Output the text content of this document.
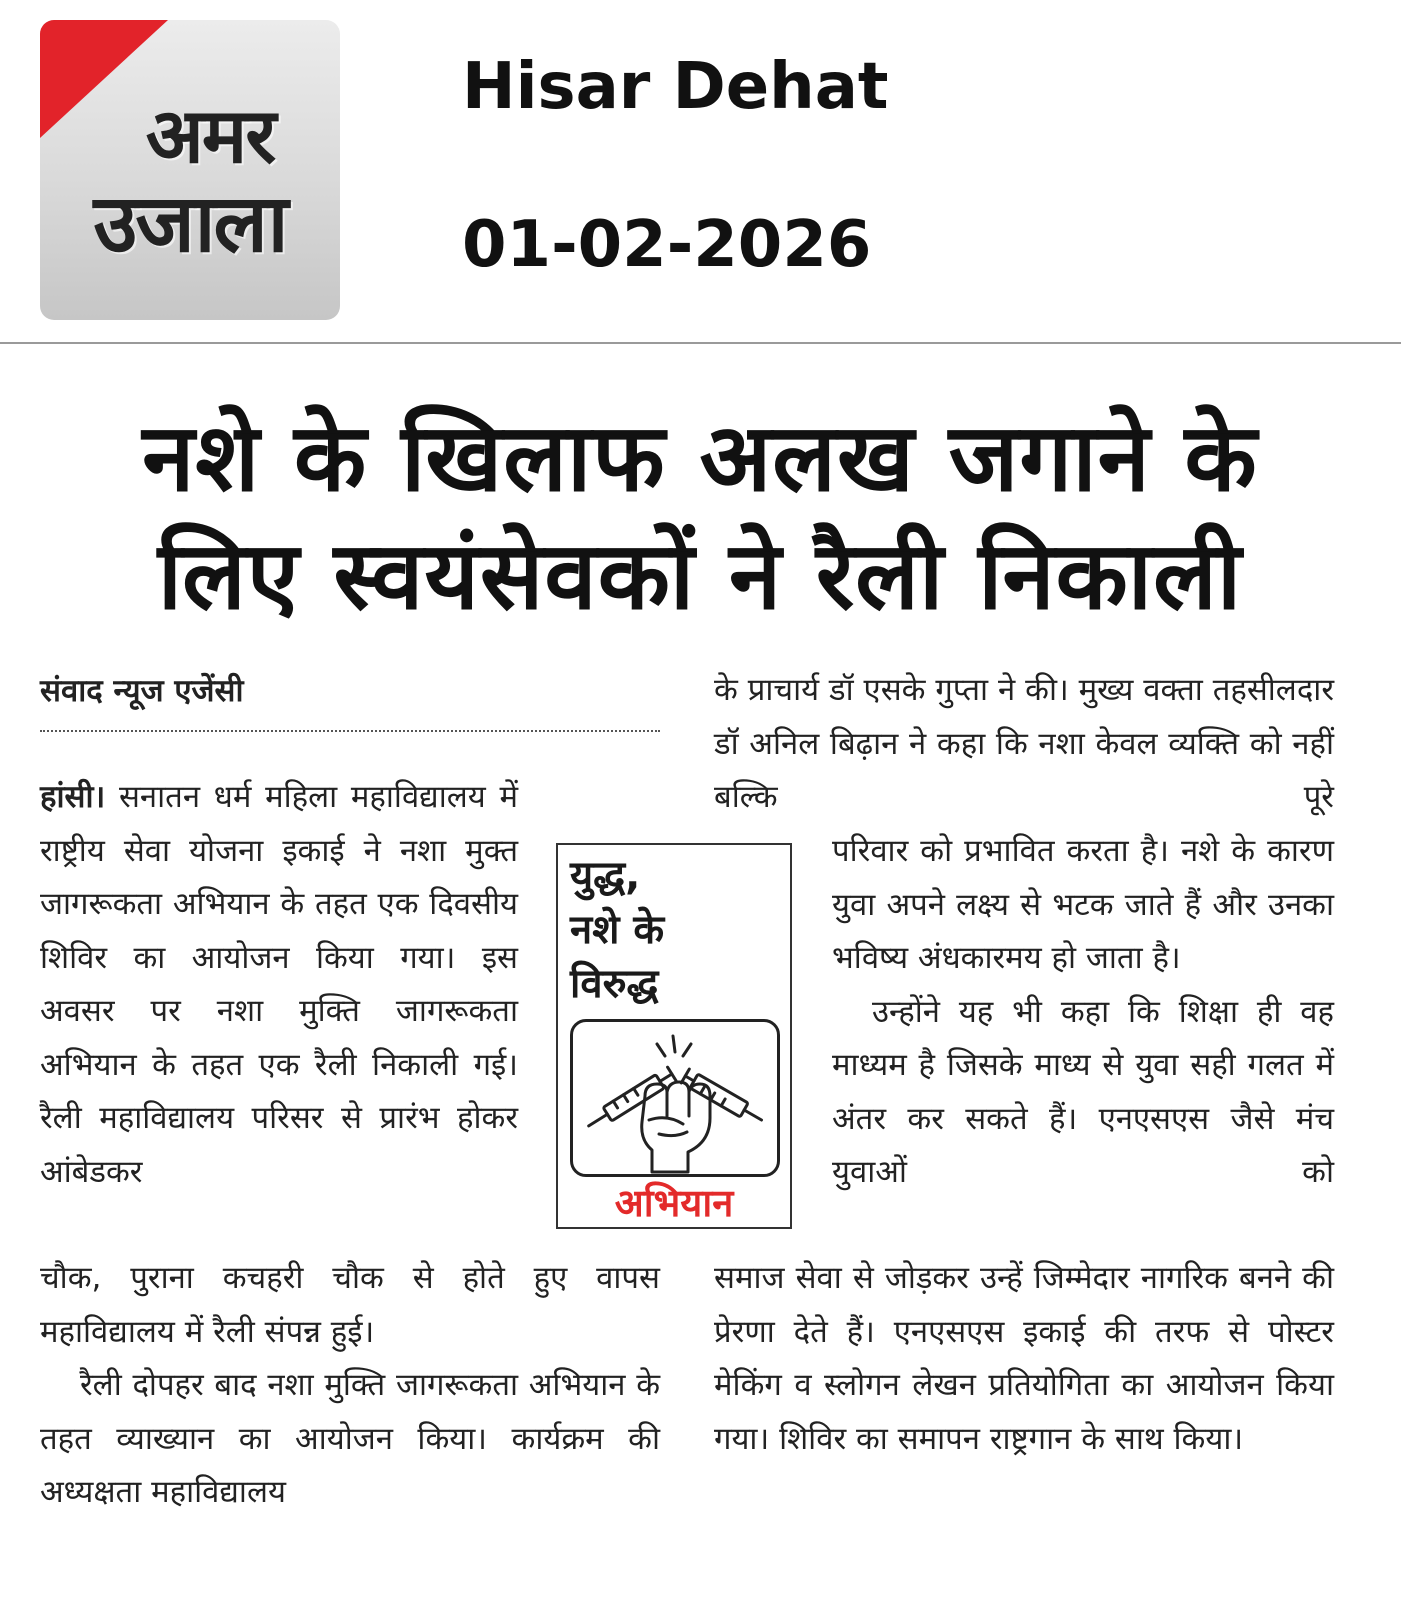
अमर
उजाला
Hisar Dehat
01-02-2026
नशे के खिलाफ अलख जगाने के
लिए स्वयंसेवकों ने रैली निकाली
संवाद न्यूज एजेंसी

हांसी। सनातन धर्म महिला महाविद्यालय में राष्ट्रीय सेवा योजना इकाई ने नशा मुक्त जागरूकता अभियान के तहत एक दिवसीय शिविर का आयोजन किया गया। इस अवसर पर नशा मुक्ति जागरूकता अभियान के तहत एक रैली निकाली गई। रैली महाविद्यालय परिसर से प्रारंभ होकर आंबेडकर

चौक, पुराना कचहरी चौक से होते हुए वापस महाविद्यालय में रैली संपन्न हुई।

रैली दोपहर बाद नशा मुक्ति जागरूकता अभियान के तहत व्याख्यान का आयोजन किया। कार्यक्रम की अध्यक्षता महाविद्यालय

युद्ध,
नशे के
विरुद्ध
अभियान

के प्राचार्य डॉ एसके गुप्ता ने की। मुख्य वक्ता तहसीलदार डॉ अनिल बिढ़ान ने कहा कि नशा केवल व्यक्ति को नहीं बल्कि पूरे

परिवार को प्रभावित करता है। नशे के कारण युवा अपने लक्ष्य से भटक जाते हैं और उनका भविष्य अंधकारमय हो जाता है।

उन्होंने यह भी कहा कि शिक्षा ही वह माध्यम है जिसके माध्य से युवा सही गलत में अंतर कर सकते हैं। एनएसएस जैसे मंच युवाओं को

समाज सेवा से जोड़कर उन्हें जिम्मेदार नागरिक बनने की प्रेरणा देते हैं। एनएसएस इकाई की तरफ से पोस्टर मेकिंग व स्लोगन लेखन प्रतियोगिता का आयोजन किया गया। शिविर का समापन राष्ट्रगान के साथ किया।
